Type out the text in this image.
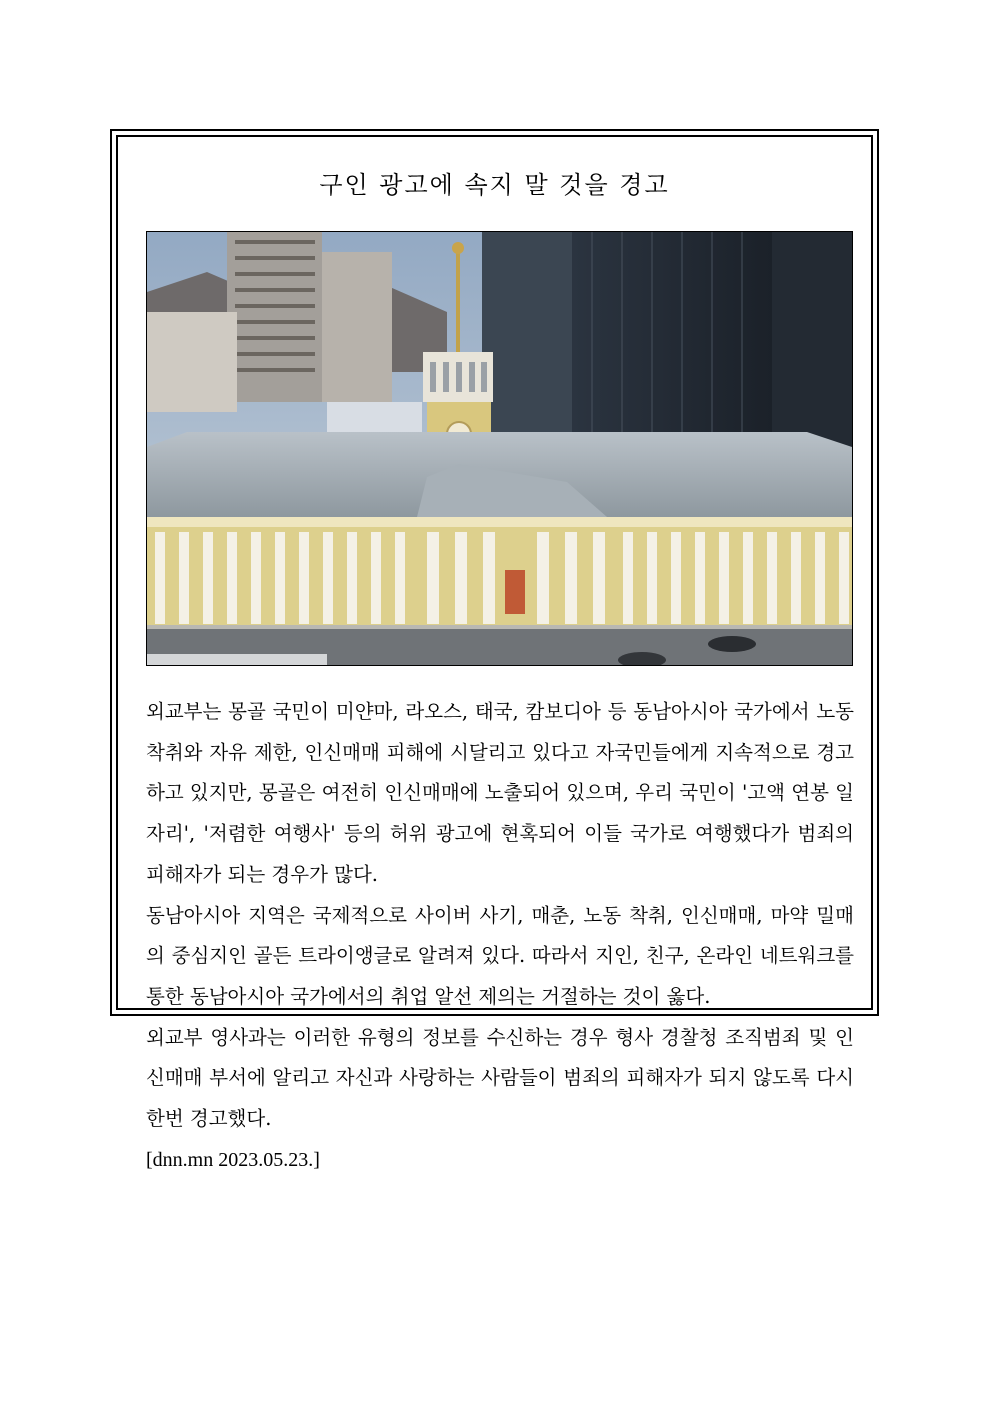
구인 광고에 속지 말 것을 경고

외교부는 몽골 국민이 미얀마, 라오스, 태국, 캄보디아 등 동남아시아 국가에서 노동 착취와 자유 제한, 인신매매 피해에 시달리고 있다고 자국민들에게 지속적으로 경고하고 있지만, 몽골은 여전히 인신매매에 노출되어 있으며, 우리 국민이 '고액 연봉 일자리', '저렴한 여행사' 등의 허위 광고에 현혹되어 이들 국가로 여행했다가 범죄의 피해자가 되는 경우가 많다.

동남아시아 지역은 국제적으로 사이버 사기, 매춘, 노동 착취, 인신매매, 마약 밀매의 중심지인 골든 트라이앵글로 알려져 있다. 따라서 지인, 친구, 온라인 네트워크를 통한 동남아시아 국가에서의 취업 알선 제의는 거절하는 것이 옳다.

외교부 영사과는 이러한 유형의 정보를 수신하는 경우 형사 경찰청 조직범죄 및 인신매매 부서에 알리고 자신과 사랑하는 사람들이 범죄의 피해자가 되지 않도록 다시 한번 경고했다.

[dnn.mn 2023.05.23.]
